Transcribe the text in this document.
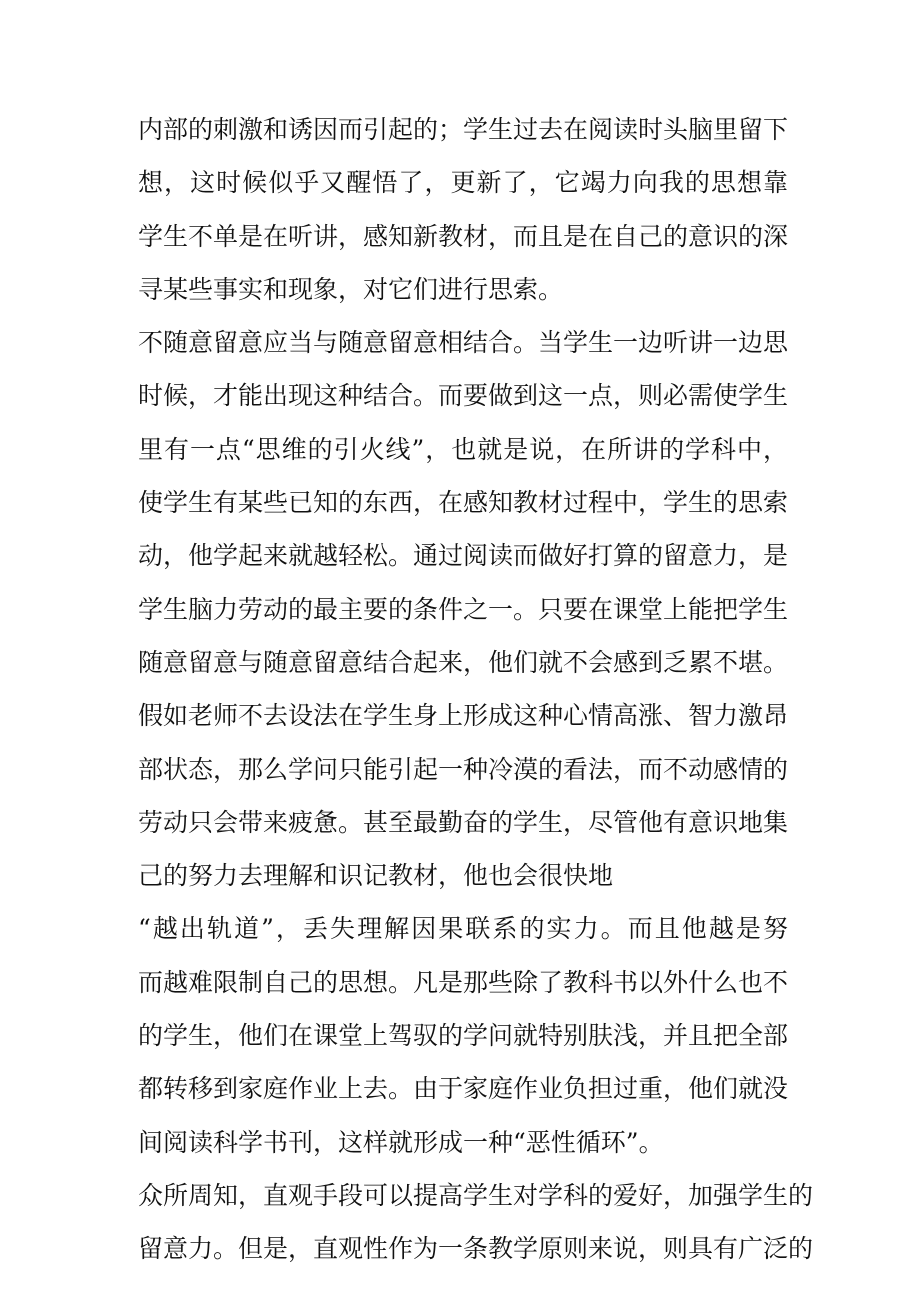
内部的刺激和诱因而引起的；学生过去在阅读时头脑里留下
想，这时候似乎又醒悟了，更新了，它竭力向我的思想靠
学生不单是在听讲，感知新教材，而且是在自己的意识的深
寻某些事实和现象，对它们进行思索。
不随意留意应当与随意留意相结合。当学生一边听讲一边思
时候，才能出现这种结合。而要做到这一点，则必需使学生
里有一点“思维的引火线”，也就是说，在所讲的学科中，
使学生有某些已知的东西，在感知教材过程中，学生的思索
动，他学起来就越轻松。通过阅读而做好打算的留意力，是
学生脑力劳动的最主要的条件之一。只要在课堂上能把学生
随意留意与随意留意结合起来，他们就不会感到乏累不堪。
假如老师不去设法在学生身上形成这种心情高涨、智力激昂
部状态，那么学问只能引起一种冷漠的看法，而不动感情的
劳动只会带来疲惫。甚至最勤奋的学生，尽管他有意识地集
己的努力去理解和识记教材，他也会很快地
“越出轨道”，丢失理解因果联系的实力。而且他越是努
而越难限制自己的思想。凡是那些除了教科书以外什么也不
的学生，他们在课堂上驾驭的学问就特别肤浅，并且把全部
都转移到家庭作业上去。由于家庭作业负担过重，他们就没
间阅读科学书刊，这样就形成一种“恶性循环”。
众所周知，直观手段可以提高学生对学科的爱好，加强学生的
留意力。但是，直观性作为一条教学原则来说，则具有广泛的
